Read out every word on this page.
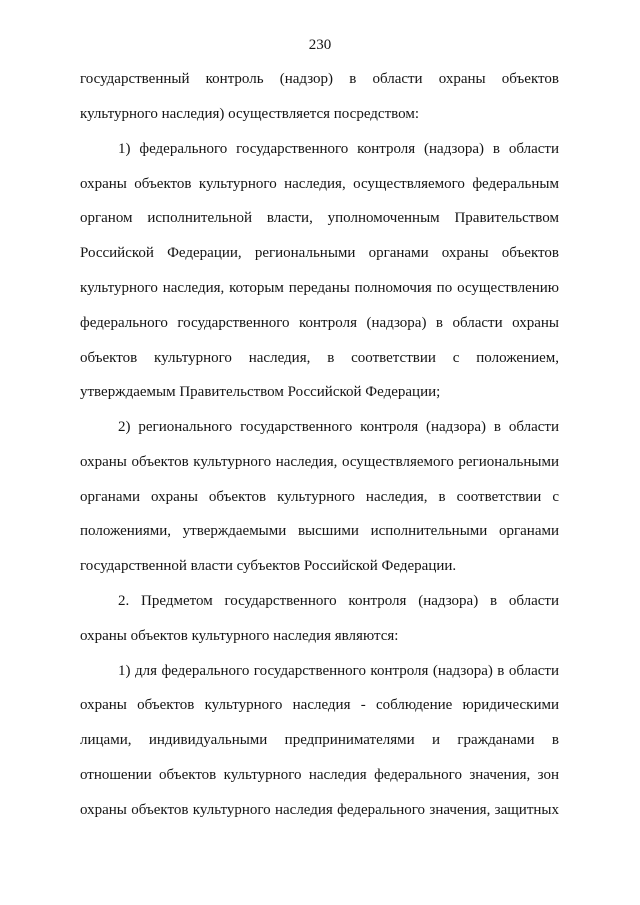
230
государственный контроль (надзор) в области охраны объектов
культурного наследия) осуществляется посредством:
1) федерального государственного контроля (надзора) в области
охраны объектов культурного наследия, осуществляемого федеральным
органом исполнительной власти, уполномоченным Правительством
Российской Федерации, региональными органами охраны объектов
культурного наследия, которым переданы полномочия по осуществлению
федерального государственного контроля (надзора) в области охраны
объектов культурного наследия, в соответствии с положением,
утверждаемым Правительством Российской Федерации;
2) регионального государственного контроля (надзора) в области
охраны объектов культурного наследия, осуществляемого региональными
органами охраны объектов культурного наследия, в соответствии с
положениями, утверждаемыми высшими исполнительными органами
государственной власти субъектов Российской Федерации.
2. Предметом государственного контроля (надзора) в области
охраны объектов культурного наследия являются:
1) для федерального государственного контроля (надзора) в области
охраны объектов культурного наследия - соблюдение юридическими
лицами, индивидуальными предпринимателями и гражданами в
отношении объектов культурного наследия федерального значения, зон
охраны объектов культурного наследия федерального значения, защитных
